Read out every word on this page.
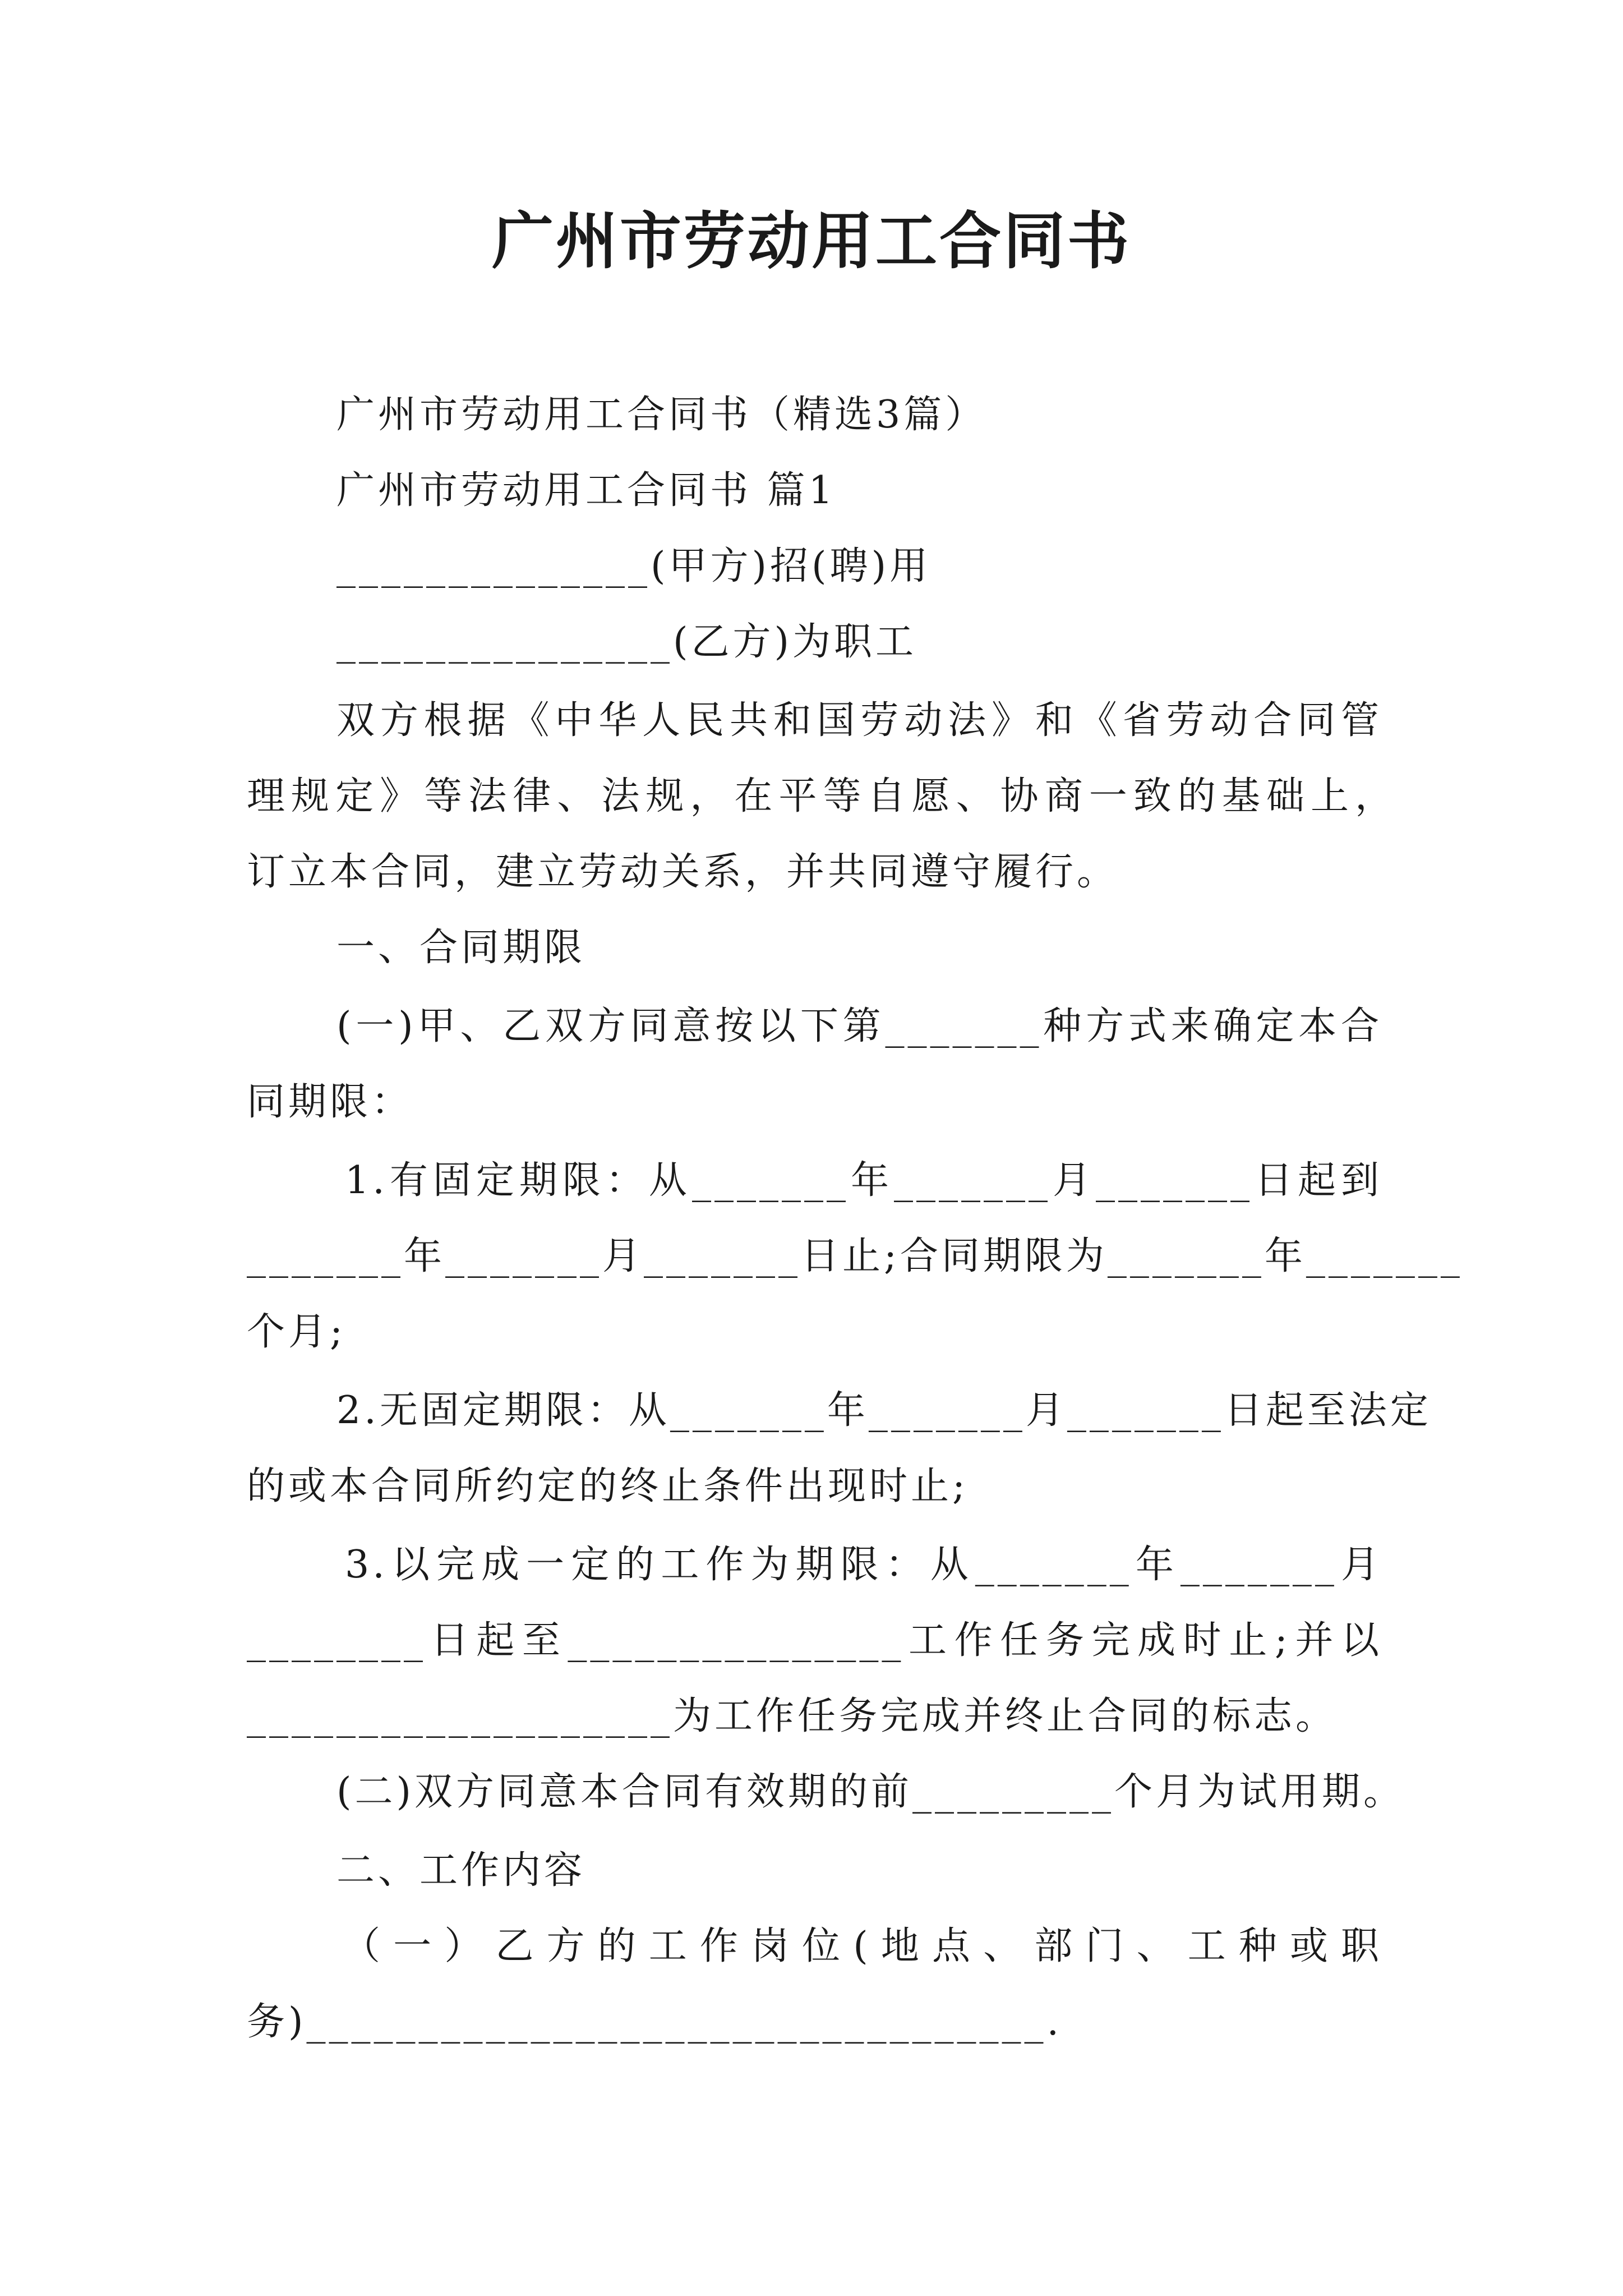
广州市劳动用工合同书
广州市劳动用工合同书（精选3篇）
广州市劳动用工合同书 篇1
______________(甲方)招(聘)用
_______________(乙方)为职工
双方根据《中华人民共和国劳动法》和《省劳动合同管
理规定》等法律、法规，在平等自愿、协商一致的基础上，
订立本合同，建立劳动关系，并共同遵守履行。
一、合同期限
(一)甲、乙双方同意按以下第_______种方式来确定本合
同期限：
1.有固定期限：从_______年_______月_______日起到
_______年_______月_______日止;合同期限为_______年_______
个月;
2.无固定期限：从_______年_______月_______日起至法定
的或本合同所约定的终止条件出现时止;
3.以完成一定的工作为期限：从_______年_______月
________日起至_______________工作任务完成时止;并以
___________________为工作任务完成并终止合同的标志。
(二)双方同意本合同有效期的前_________个月为试用期。
二、工作内容
（一）乙方的工作岗位(地点、部门、工种或职
务)_________________________________.
